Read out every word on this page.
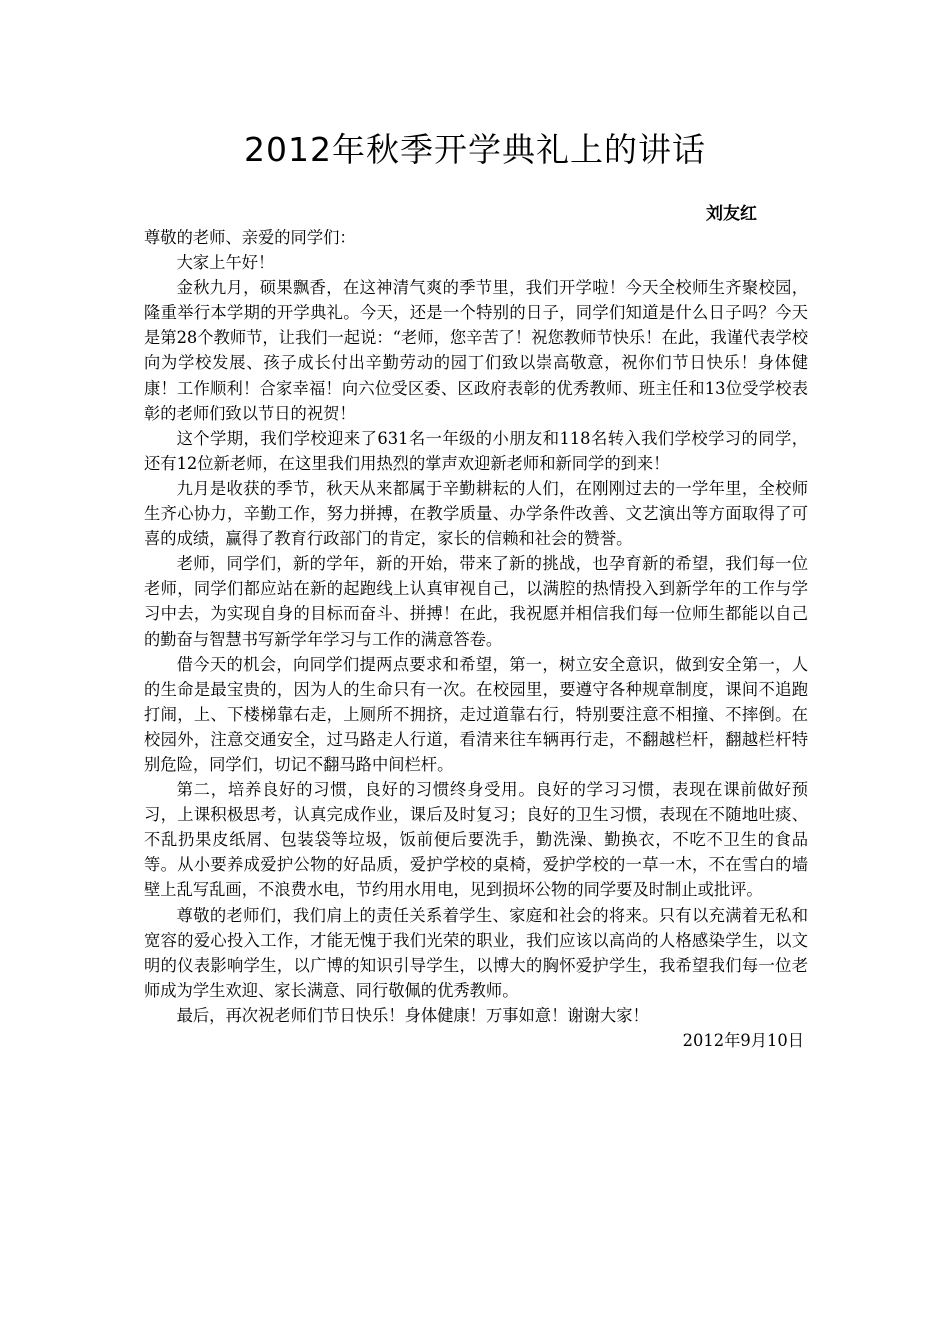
2012年秋季开学典礼上的讲话
刘友红

尊敬的老师、亲爱的同学们：

大家上午好！

金秋九月，硕果飘香，在这神清气爽的季节里，我们开学啦！今天全校师生齐聚校园，隆重举行本学期的开学典礼。今天，还是一个特别的日子，同学们知道是什么日子吗？今天是第28个教师节，让我们一起说：“老师，您辛苦了！祝您教师节快乐！在此，我谨代表学校向为学校发展、孩子成长付出辛勤劳动的园丁们致以崇高敬意，祝你们节日快乐！身体健康！工作顺利！合家幸福！向六位受区委、区政府表彰的优秀教师、班主任和13位受学校表彰的老师们致以节日的祝贺！

这个学期，我们学校迎来了631名一年级的小朋友和118名转入我们学校学习的同学，还有12位新老师，在这里我们用热烈的掌声欢迎新老师和新同学的到来！

九月是收获的季节，秋天从来都属于辛勤耕耘的人们，在刚刚过去的一学年里，全校师生齐心协力，辛勤工作，努力拼搏，在教学质量、办学条件改善、文艺演出等方面取得了可喜的成绩，赢得了教育行政部门的肯定，家长的信赖和社会的赞誉。

老师，同学们，新的学年，新的开始，带来了新的挑战，也孕育新的希望，我们每一位老师，同学们都应站在新的起跑线上认真审视自己，以满腔的热情投入到新学年的工作与学习中去，为实现自身的目标而奋斗、拼搏！在此，我祝愿并相信我们每一位师生都能以自己的勤奋与智慧书写新学年学习与工作的满意答卷。

借今天的机会，向同学们提两点要求和希望，第一，树立安全意识，做到安全第一，人的生命是最宝贵的，因为人的生命只有一次。在校园里，要遵守各种规章制度，课间不追跑打闹，上、下楼梯靠右走，上厕所不拥挤，走过道靠右行，特别要注意不相撞、不摔倒。在校园外，注意交通安全，过马路走人行道，看清来往车辆再行走，不翻越栏杆，翻越栏杆特别危险，同学们，切记不翻马路中间栏杆。

第二，培养良好的习惯，良好的习惯终身受用。良好的学习习惯，表现在课前做好预习，上课积极思考，认真完成作业，课后及时复习；良好的卫生习惯，表现在不随地吐痰、不乱扔果皮纸屑、包装袋等垃圾，饭前便后要洗手，勤洗澡、勤换衣，不吃不卫生的食品等。从小要养成爱护公物的好品质，爱护学校的桌椅，爱护学校的一草一木，不在雪白的墙壁上乱写乱画，不浪费水电，节约用水用电，见到损坏公物的同学要及时制止或批评。

尊敬的老师们，我们肩上的责任关系着学生、家庭和社会的将来。只有以充满着无私和宽容的爱心投入工作，才能无愧于我们光荣的职业，我们应该以高尚的人格感染学生，以文明的仪表影响学生，以广博的知识引导学生，以博大的胸怀爱护学生，我希望我们每一位老师成为学生欢迎、家长满意、同行敬佩的优秀教师。

最后，再次祝老师们节日快乐！身体健康！万事如意！谢谢大家！

2012年9月10日
